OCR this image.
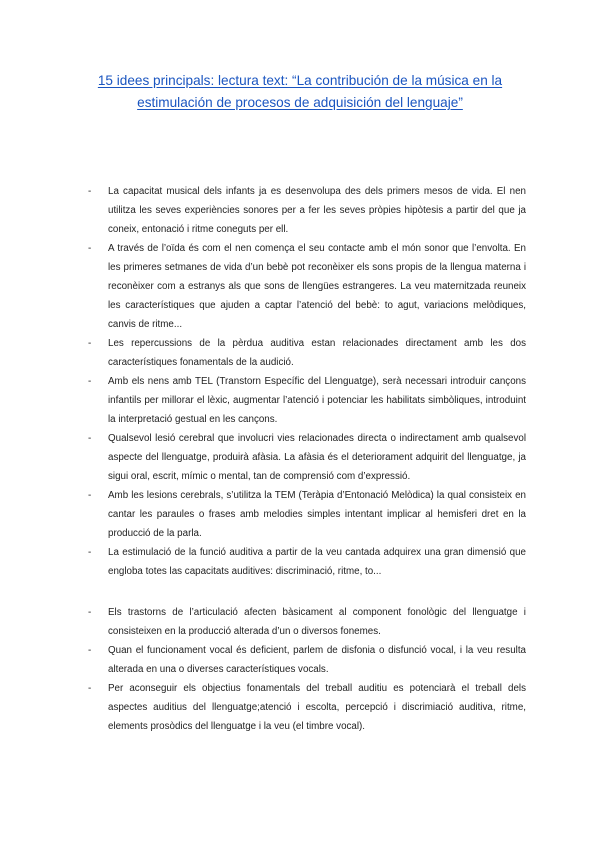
15 idees principals: lectura text: “La contribución de la música en la estimulación de procesos de adquisición del lenguaje”
- La capacitat musical dels infants ja es desenvolupa des dels primers mesos de vida. El nen utilitza les seves experiències sonores per a fer les seves pròpies hipòtesis a partir del que ja coneix, entonació i ritme coneguts per ell.
- A través de l’oïda és com el nen comença el seu contacte amb el món sonor que l’envolta. En les primeres setmanes de vida d’un bebè pot reconèixer els sons propis de la llengua materna i reconèixer com a estranys als que sons de llengües estrangeres. La veu maternitzada reuneix les característiques que ajuden a captar l’atenció del bebè: to agut, variacions melòdiques, canvis de ritme...
- Les repercussions de la pèrdua auditiva estan relacionades directament amb les dos característiques fonamentals de la audició.
- Amb els nens amb TEL (Transtorn Específic del Llenguatge), serà necessari introduir cançons infantils per millorar el lèxic, augmentar l’atenció i potenciar les habilitats simbòliques, introduint la interpretació gestual en les cançons.
- Qualsevol lesió cerebral que involucri vies relacionades directa o indirectament amb qualsevol aspecte del llenguatge, produirà afàsia. La afàsia és el deteriorament adquirit del llenguatge, ja sigui oral, escrit, mímic o mental, tan de comprensió com d’expressió.
- Amb les lesions cerebrals, s’utilitza la TEM (Teràpia d’Entonació Melòdica) la qual consisteix en cantar les paraules o frases amb melodies simples intentant implicar al hemisferi dret en la producció de la parla.
- La estimulació de la funció auditiva a partir de la veu cantada adquirex una gran dimensió que engloba totes las capacitats auditives: discriminació, ritme, to...
- Els trastorns de l’articulació afecten bàsicament al component fonològic del llenguatge i consisteixen en la producció alterada d’un o diversos fonemes.
- Quan el funcionament vocal és deficient, parlem de disfonia o disfunció vocal, i la veu resulta alterada en una o diverses característiques vocals.
- Per aconseguir els objectius fonamentals del treball auditiu es potenciarà el treball dels aspectes auditius del llenguatge;atenció i escolta, percepció i discrimiació auditiva, ritme, elements prosòdics del llenguatge i la veu (el timbre vocal).
